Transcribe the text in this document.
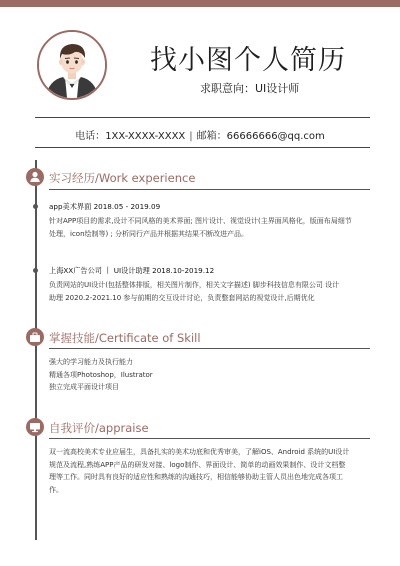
找小图个人简历
求职意向：UI设计师
电话：1XX-XXXX-XXXX | 邮箱：66666666@qq.com
实习经历/Work experience
app美术界面 2018.05 - 2019.09
针对APP项目的需求,设计不同风格的美术界面; 图片设计、视觉设计(主界面风格化，版面布局细节
处理，icon绘制等) ; 分析同行产品并根据其结果不断改进产品。
上海XX广告公司 丨 UI设计助理 2018.10-2019.12
负责网站的UI设计(包括整体排版，相关图片制作，相关文字描述) 脚步科技信息有限公司 设计
助理 2020.2-2021.10 参与前期的交互设计讨论，负责整套网站的视觉设计,后期优化
掌握技能/Certificate of Skill
强大的学习能力及执行能力
精通各项Photoshop，Ilustrator
独立完成平面设计项目
自我评价/appraise
双一流高校美术专业应届生，具备扎实的美术功底和优秀审美，了解iOS、Android 系统的UI设计
规范及流程,熟练APP产品的研发对接、logo制作、界面设计、简单的动画效果制作、设计文档整
理等工作。同时具有良好的适应性和熟练的沟通技巧，相信能够协助主管人员出色地完成各项工
作。
